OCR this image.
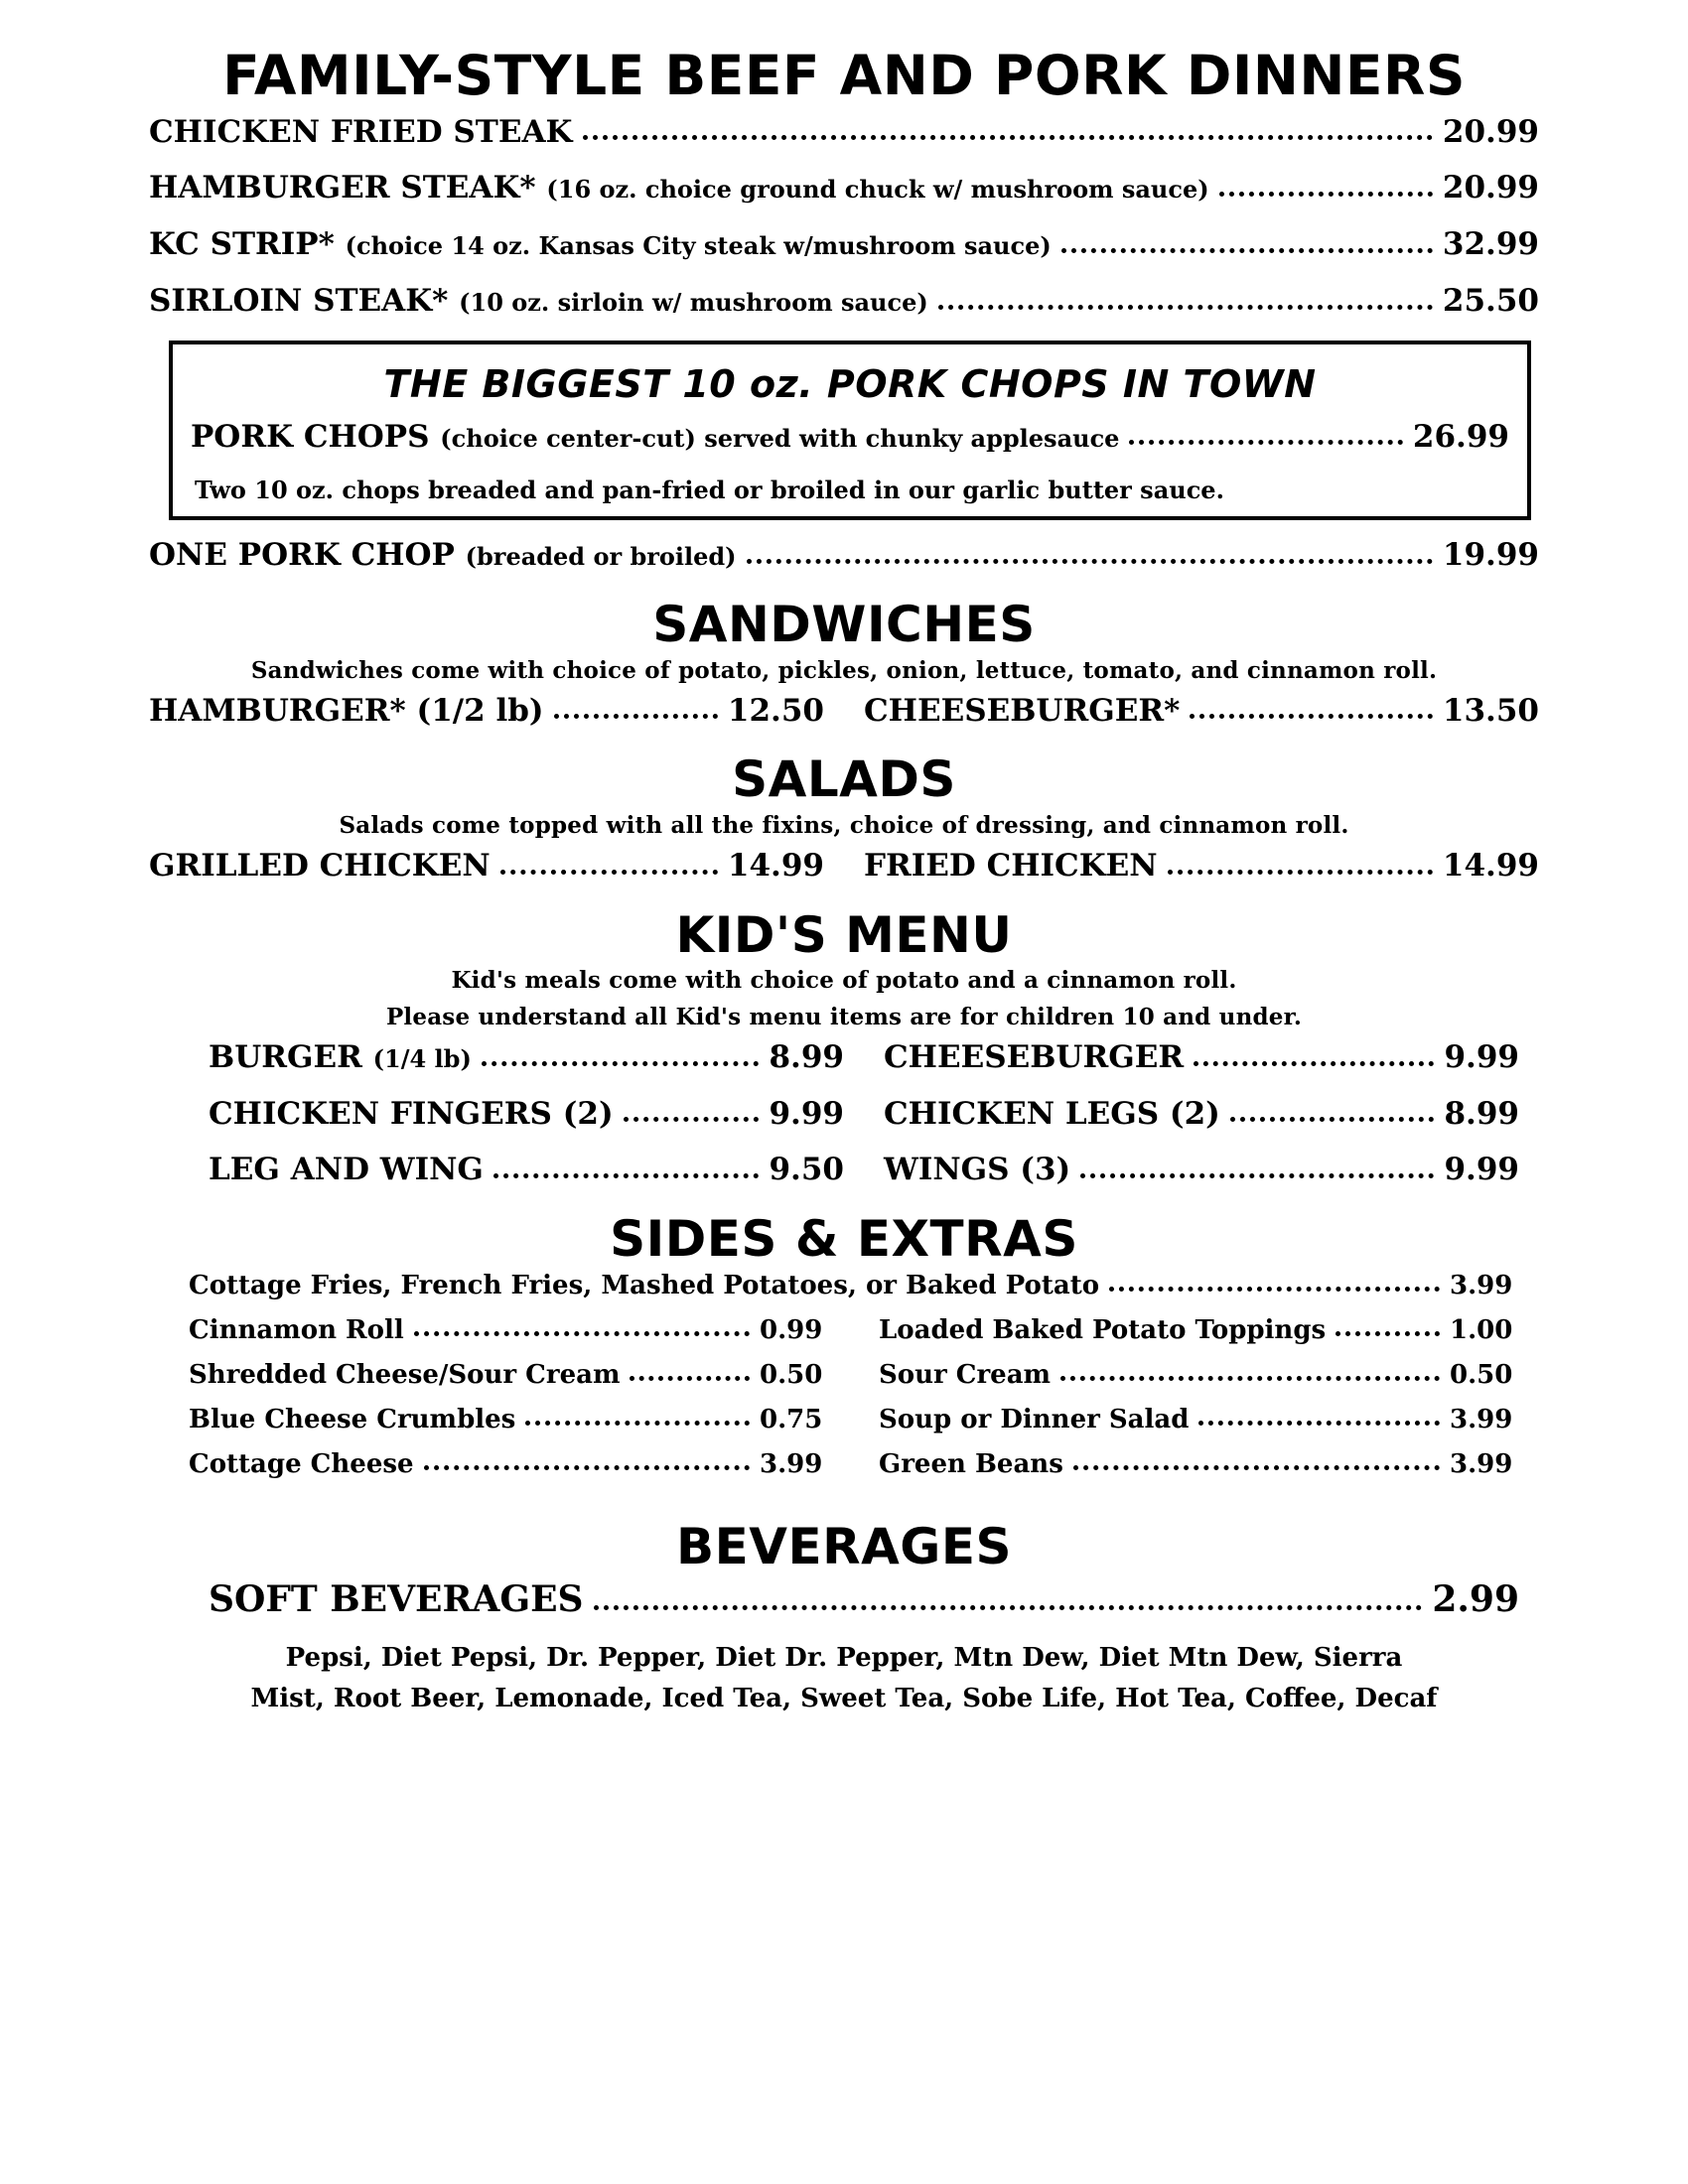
FAMILY-STYLE BEEF AND PORK DINNERS
CHICKEN FRIED STEAK	20.99
HAMBURGER STEAK* (16 oz. choice ground chuck w/ mushroom sauce)	20.99
KC STRIP* (choice 14 oz. Kansas City steak w/mushroom sauce)	32.99
SIRLOIN STEAK* (10 oz. sirloin w/ mushroom sauce)	25.50
THE BIGGEST 10 oz. PORK CHOPS IN TOWN
PORK CHOPS (choice center-cut) served with chunky applesauce	26.99
Two 10 oz. chops breaded and pan-fried or broiled in our garlic butter sauce.
ONE PORK CHOP (breaded or broiled)	19.99
SANDWICHES
Sandwiches come with choice of potato, pickles, onion, lettuce, tomato, and cinnamon roll.
HAMBURGER* (1/2 lb)	12.50 CHEESEBURGER*	13.50
SALADS
Salads come topped with all the fixins, choice of dressing, and cinnamon roll.
GRILLED CHICKEN	14.99 FRIED CHICKEN	14.99
KID'S MENU
Kid's meals come with choice of potato and a cinnamon roll.
Please understand all Kid's menu items are for children 10 and under.
BURGER (1/4 lb)	8.99 CHEESEBURGER	9.99
CHICKEN FINGERS (2)	9.99 CHICKEN LEGS (2)	8.99
LEG AND WING	9.50 WINGS (3)	9.99
SIDES & EXTRAS
Cottage Fries, French Fries, Mashed Potatoes, or Baked Potato	3.99
Cinnamon Roll	0.99
Shredded Cheese/Sour Cream	0.50
Blue Cheese Crumbles	0.75
Cottage Cheese	3.99
Loaded Baked Potato Toppings	1.00
Sour Cream	0.50
Soup or Dinner Salad	3.99
Green Beans	3.99
BEVERAGES
SOFT BEVERAGES	2.99
Pepsi, Diet Pepsi, Dr. Pepper, Diet Dr. Pepper, Mtn Dew, Diet Mtn Dew, Sierra
Mist, Root Beer, Lemonade, Iced Tea, Sweet Tea, Sobe Life, Hot Tea, Coffee, Decaf
